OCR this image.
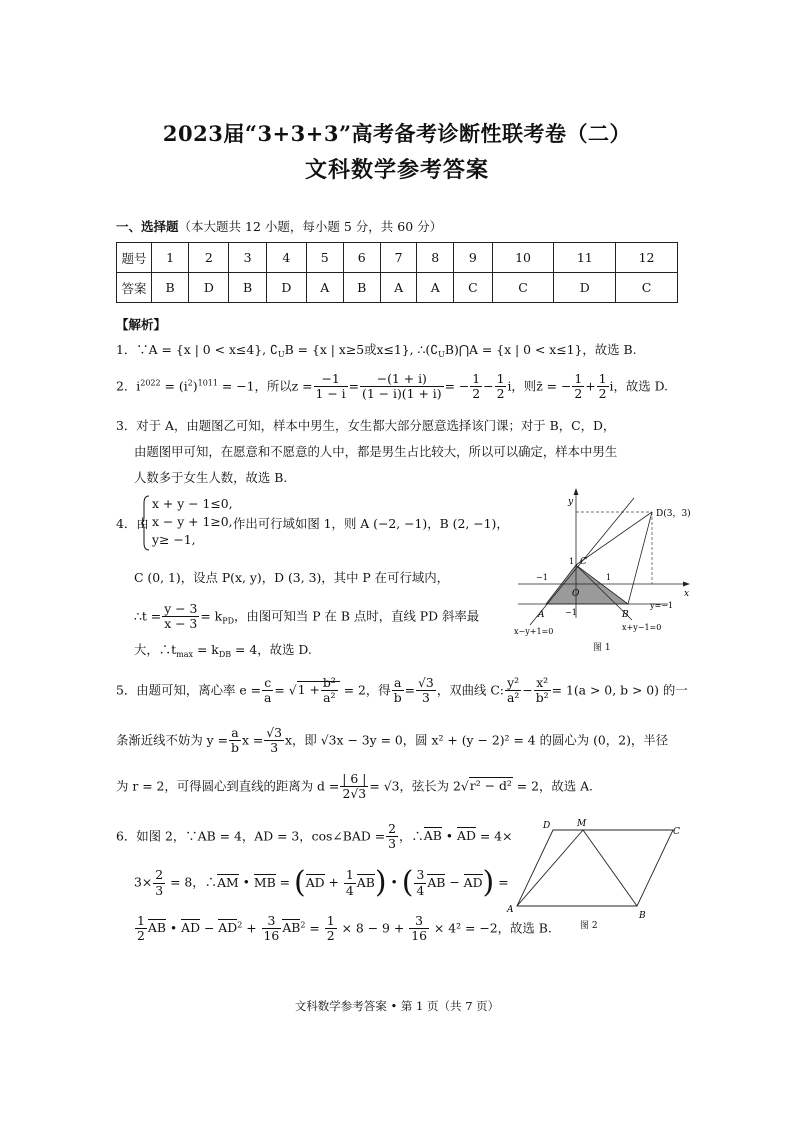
2023届“3+3+3”高考备考诊断性联考卷（二）
文科数学参考答案
一、选择题（本大题共 12 小题，每小题 5 分，共 60 分）
题号	1	2	3	4	5	6	7	8	9	10	11	12
答案	B	D	B	D	A	B	A	A	C	C	D	C
【解析】
1．∵A = {x | 0 < x≤4}, $∁_UB = \{x$ | x≥5或x≤1}, $\therefore(∁_UB)⋂A = \{x$ | 0 < x≤1}，故选 B.
2．$i^{2022} = (i^2)^{1011} = -1$，所以$z = \frac{-1}{1 - i} = \frac{-(1 + i)}{(1 - i)(1 + i)}$ = − $\frac{1}{2} - \frac{1}{2}$ i，则z̄ = − $\frac{1}{2} + \frac{1}{2}$ i，故选 D.
3．对于 A，由题图乙可知，样本中男生，女生都大部分愿意选择该门课；对于 B，C，D，
由题图甲可知，在愿意和不愿意的人中，都是男生占比较大，所以可以确定，样本中男生
人数多于女生人数，故选 B.
4．由
x + y − 1≤0,
x − y + 1≥0,
y≥ −1,
作出可行域如图 1，则 A (−2, −1)，B (2, −1)，
C (0, 1)，设点 P(x, y)，D (3, 3)，其中 P 在可行域内，
∴t = $\frac{y - 3}{x - 3} = k_{PD}$，由图可知当 P 在 B 点时，直线 PD 斜率最
大，$\therefore t_{max} = k_{DB} = 4$，故选 D.
y
x
O
A	B
C
D(3，3)
1
1
−1
−1
y=−1
x−y+1=0	x+y−1=0
图 1
5．由题可知，离心率 $e = \frac{c}{a} = √1 + \frac{\text{b²}}{\text{a²}} = 2$，得 $\frac{a}{b} = \frac{√3}{3}$ ，双曲线 C: $\frac{\text{y²}}{\text{a²}} - \frac{\text{x²}}{\text{b²}} = 1(a > 0$, b > 0) 的一
条渐近线不妨为 $y = \frac{a}{b}$ $x = \frac{√3}{3}$ x，即 √3x − 3y = 0，圆 x² + (y − 2)² = 4 的圆心为 (0，2)，半径
为 r = 2，可得圆心到直线的距离为 $d = \frac{| 6 |}{2√3} = √3$，弦长为 2√r² − d² = 2，故选 A.
6．如图 2，∵AB = 4，AD = 3，cos∠BAD = $\frac{2}{3}$ ，∴AB • AD = 4×
$3\times \frac{2}{3} = 8$，∴AM • MB = $(AD + \frac{1}{4} AB)$ • ( $\frac{3}{4}$ AB − AD) =
$\frac{1}{2}$ AB • AD − $AD^2 + \frac{3}{16} AB^2 = \frac{1}{2} \times 8 - 9 + \frac{3}{16} \times 4^2 = -2$，故选 B.
A
B
C
D	M
图 2
文科数学参考答案 • 第 1 页（共 7 页）
